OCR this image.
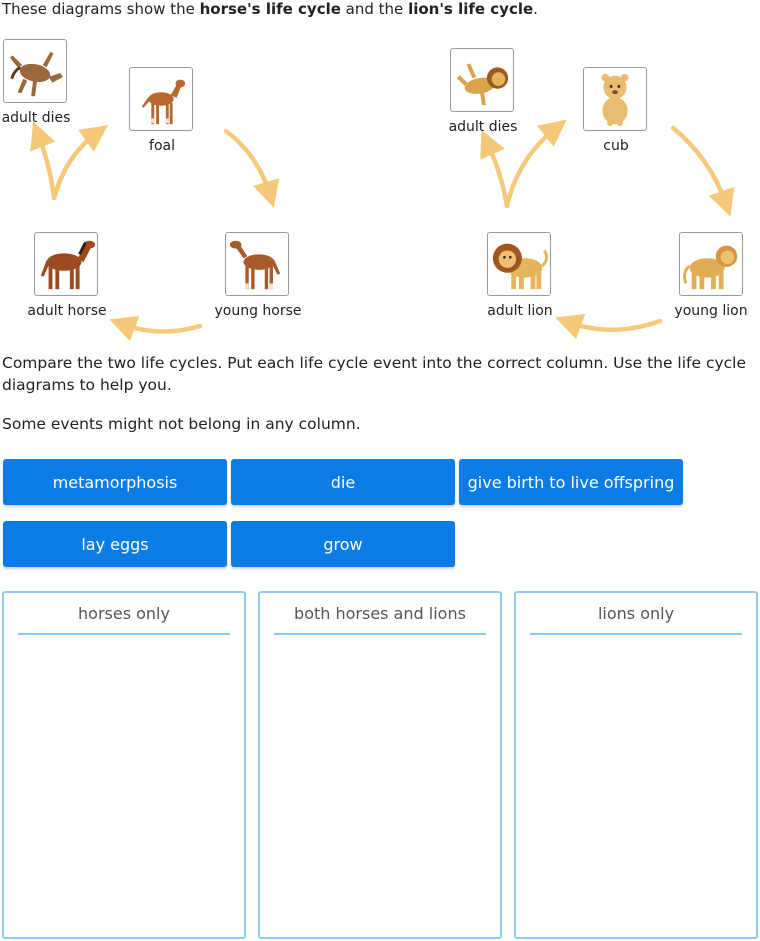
These diagrams show the horse's life cycle and the lion's life cycle.
adult dies
foal
young horse
adult horse
adult dies
cub
young lion
adult lion
Compare the two life cycles. Put each life cycle event into the correct column. Use the life cycle diagrams to help you.
Some events might not belong in any column.
metamorphosis	die	give birth to live offspring
lay eggs	grow
horses only	both horses and lions	lions only
